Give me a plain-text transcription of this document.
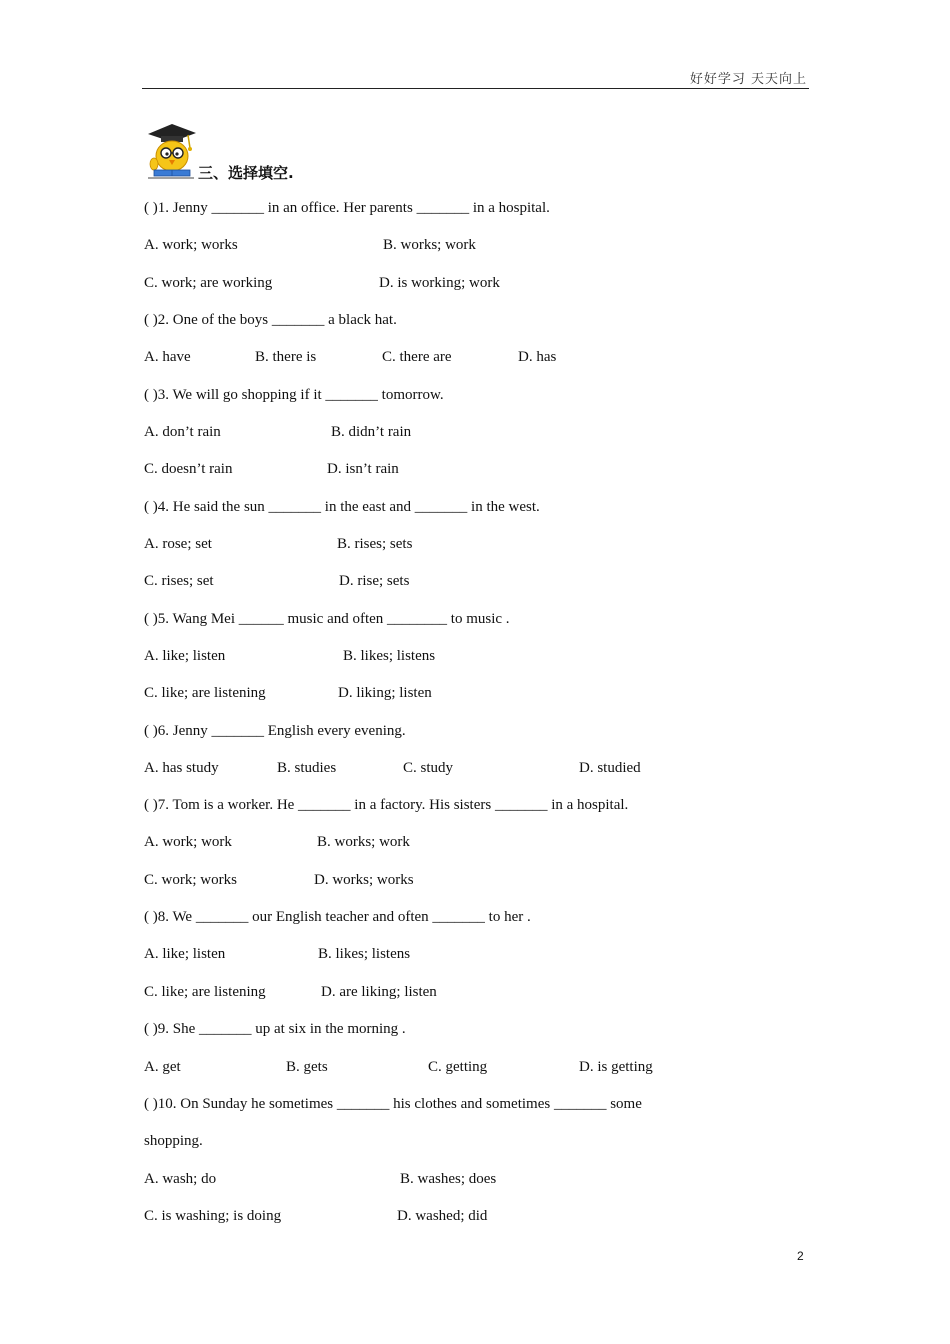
好好学习 天天向上
三、选择填空.
( )1. Jenny _______ in an office. Her parents _______ in a hospital.
A. work; works	B. works; work
C. work; are working	D. is working; work
( )2. One of the boys _______ a black hat.
A. have	B. there is	C. there are	D. has
( )3. We will go shopping if it _______ tomorrow.
A. don’t rain	B. didn’t rain
C. doesn’t rain	D. isn’t rain
( )4. He said the sun _______ in the east and _______ in the west.
A. rose; set	B. rises; sets
C. rises; set	D. rise; sets
( )5. Wang Mei ______ music and often ________ to music .
A. like; listen	B. likes; listens
C. like; are listening	D. liking; listen
( )6. Jenny _______ English every evening.
A. has study	B. studies	C. study	D. studied
( )7. Tom is a worker. He _______ in a factory. His sisters _______ in a hospital.
A. work; work	B. works; work
C. work; works	D. works; works
( )8. We _______ our English teacher and often _______ to her .
A. like; listen	B. likes; listens
C. like; are listening	D. are liking; listen
( )9. She _______ up at six in the morning .
A. get	B. gets	C. getting	D. is getting
( )10. On Sunday he sometimes _______ his clothes and sometimes _______ some
shopping.
A. wash; do	B. washes; does
C. is washing; is doing	D. washed; did
2
